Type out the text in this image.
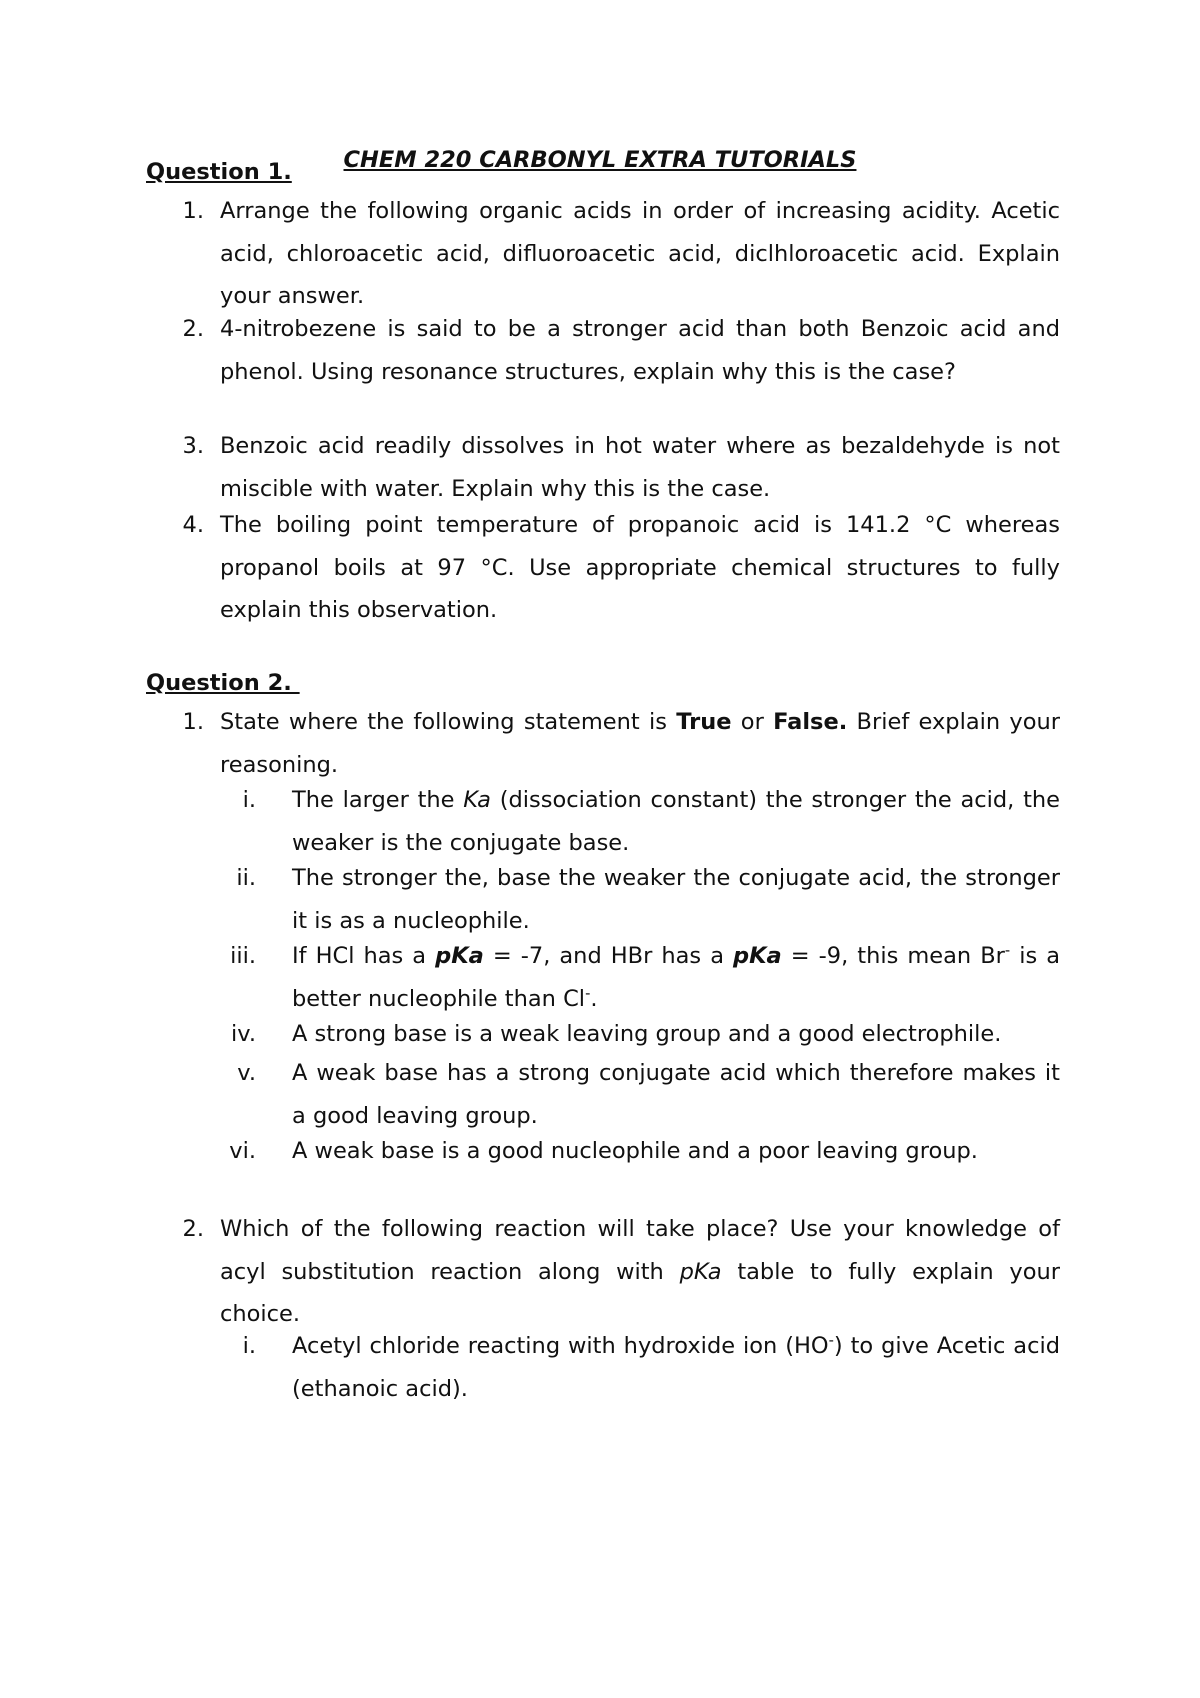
CHEM 220 CARBONYL EXTRA TUTORIALS
Question 1.
1. Arrange the following organic acids in order of increasing acidity. Acetic acid, chloroacetic acid, difluoroacetic acid, diclhloroacetic acid. Explain your answer.
2. 4-nitrobezene is said to be a stronger acid than both Benzoic acid and phenol. Using resonance structures, explain why this is the case?
3. Benzoic acid readily dissolves in hot water where as bezaldehyde is not miscible with water. Explain why this is the case.
4. The boiling point temperature of propanoic acid is 141.2 °C whereas propanol boils at 97 °C. Use appropriate chemical structures to fully explain this observation.
Question 2.
1. State where the following statement is True or False. Brief explain your reasoning.
i. The larger the Ka (dissociation constant) the stronger the acid, the weaker is the conjugate base.
ii. The stronger the, base the weaker the conjugate acid, the stronger it is as a nucleophile.
iii. If HCl has a pKa = -7, and HBr has a pKa = -9, this mean Br- is a better nucleophile than Cl-.
iv. A strong base is a weak leaving group and a good electrophile.
v. A weak base has a strong conjugate acid which therefore makes it a good leaving group.
vi. A weak base is a good nucleophile and a poor leaving group.
2. Which of the following reaction will take place? Use your knowledge of acyl substitution reaction along with pKa table to fully explain your choice.
i. Acetyl chloride reacting with hydroxide ion (HO-) to give Acetic acid (ethanoic acid).
